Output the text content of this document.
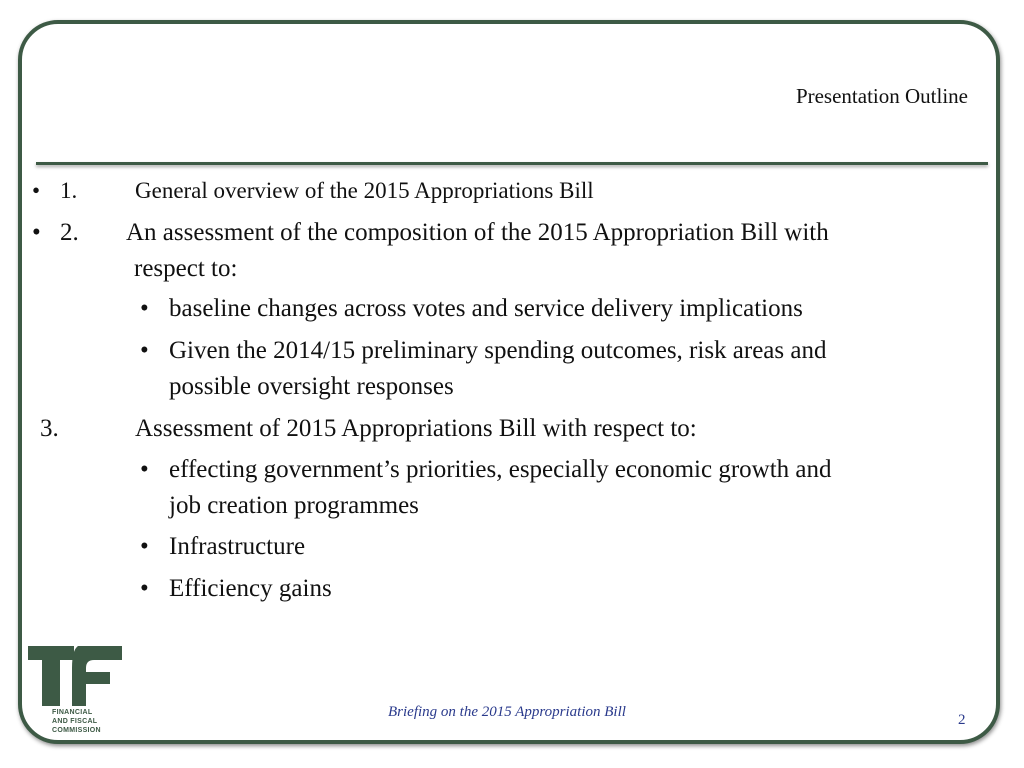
Presentation Outline
• 1.	General overview of the 2015 Appropriations Bill
• 2. An assessment of the composition of the 2015 Appropriation Bill with
respect to:
• baseline changes across votes and service delivery implications
• Given the 2014/15 preliminary spending outcomes, risk areas and
possible oversight responses
3.	Assessment of 2015 Appropriations Bill with respect to:
• effecting government’s priorities, especially economic growth and
job creation programmes
• Infrastructure
• Efficiency gains
FINANCIAL
AND FISCAL
COMMISSION
Briefing on the 2015 Appropriation Bill	2
